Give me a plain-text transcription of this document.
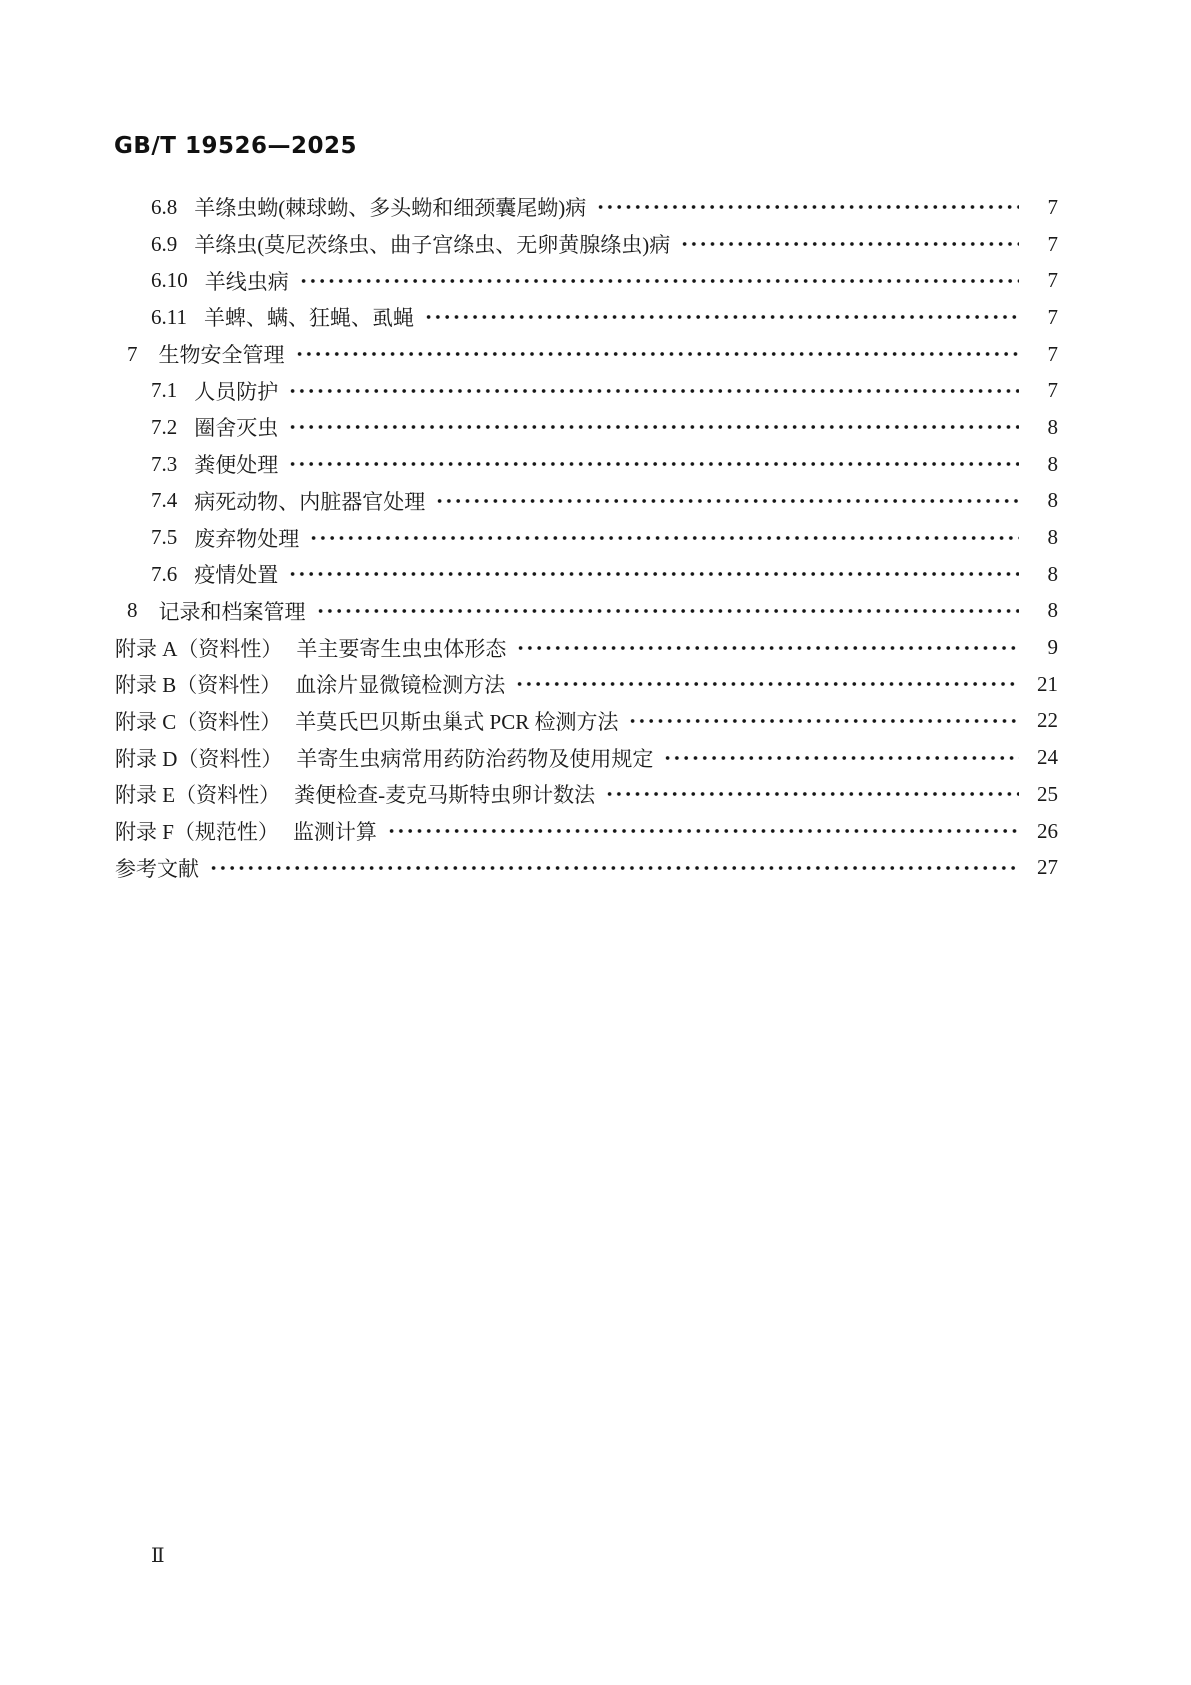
GB/T 19526—2025
6.8 羊绦虫蚴(棘球蚴、多头蚴和细颈囊尾蚴)病	7
6.9 羊绦虫(莫尼茨绦虫、曲子宫绦虫、无卵黄腺绦虫)病	7
6.10 羊线虫病	7
6.11 羊蜱、螨、狂蝇、虱蝇	7
7 生物安全管理	7
7.1 人员防护	7
7.2 圈舍灭虫	8
7.3 粪便处理	8
7.4 病死动物、内脏器官处理	8
7.5 废弃物处理	8
7.6 疫情处置	8
8 记录和档案管理	8
附录 A（资料性） 羊主要寄生虫虫体形态	9
附录 B（资料性） 血涂片显微镜检测方法	21
附录 C（资料性） 羊莫氏巴贝斯虫巢式 PCR 检测方法	22
附录 D（资料性） 羊寄生虫病常用药防治药物及使用规定	24
附录 E（资料性） 粪便检查-麦克马斯特虫卵计数法	25
附录 F（规范性） 监测计算	26
参考文献	27
Ⅱ
